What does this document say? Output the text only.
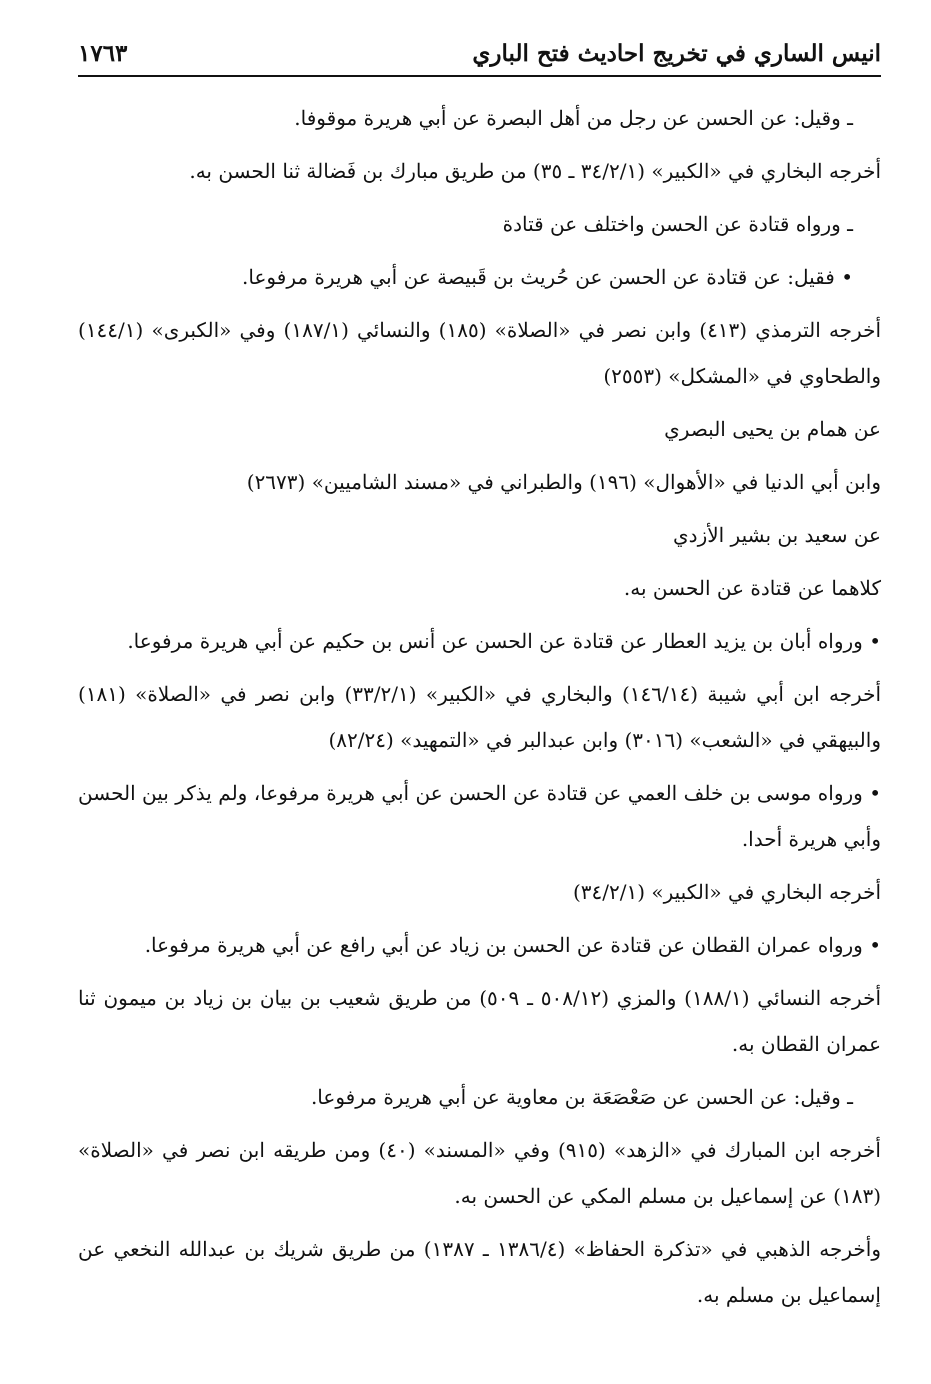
انيس الساري في تخريج احاديث فتح الباري
١٧٦٣

ـ وقيل: عن الحسن عن رجل من أهل البصرة عن أبي هريرة موقوفا.

أخرجه البخاري في «الكبير» (٣٤/٢/١ ـ ٣٥) من طريق مبارك بن فَضالة ثنا الحسن به.

ـ ورواه قتادة عن الحسن واختلف عن قتادة

• فقيل: عن قتادة عن الحسن عن حُريث بن قَبيصة عن أبي هريرة مرفوعا.

أخرجه الترمذي (٤١٣) وابن نصر في «الصلاة» (١٨٥) والنسائي (١٨٧/١) وفي «الكبرى» (١٤٤/١) والطحاوي في «المشكل» (٢٥٥٣)

عن همام بن يحيى البصري

وابن أبي الدنيا في «الأهوال» (١٩٦) والطبراني في «مسند الشاميين» (٢٦٧٣)

عن سعيد بن بشير الأزدي

كلاهما عن قتادة عن الحسن به.

• ورواه أبان بن يزيد العطار عن قتادة عن الحسن عن أنس بن حكيم عن أبي هريرة مرفوعا.

أخرجه ابن أبي شيبة (١٤٦/١٤) والبخاري في «الكبير» (٣٣/٢/١) وابن نصر في «الصلاة» (١٨١) والبيهقي في «الشعب» (٣٠١٦) وابن عبدالبر في «التمهيد» (٨٢/٢٤)

• ورواه موسى بن خلف العمي عن قتادة عن الحسن عن أبي هريرة مرفوعا، ولم يذكر بين الحسن وأبي هريرة أحدا.

أخرجه البخاري في «الكبير» (٣٤/٢/١)

• ورواه عمران القطان عن قتادة عن الحسن بن زياد عن أبي رافع عن أبي هريرة مرفوعا.

أخرجه النسائي (١٨٨/١) والمزي (٥٠٨/١٢ ـ ٥٠٩) من طريق شعيب بن بيان بن زياد بن ميمون ثنا عمران القطان به.

ـ وقيل: عن الحسن عن صَعْصَعَة بن معاوية عن أبي هريرة مرفوعا.

أخرجه ابن المبارك في «الزهد» (٩١٥) وفي «المسند» (٤٠) ومن طريقه ابن نصر في «الصلاة» (١٨٣) عن إسماعيل بن مسلم المكي عن الحسن به.

وأخرجه الذهبي في «تذكرة الحفاظ» (١٣٨٦/٤ ـ ١٣٨٧) من طريق شريك بن عبدالله النخعي عن إسماعيل بن مسلم به.
